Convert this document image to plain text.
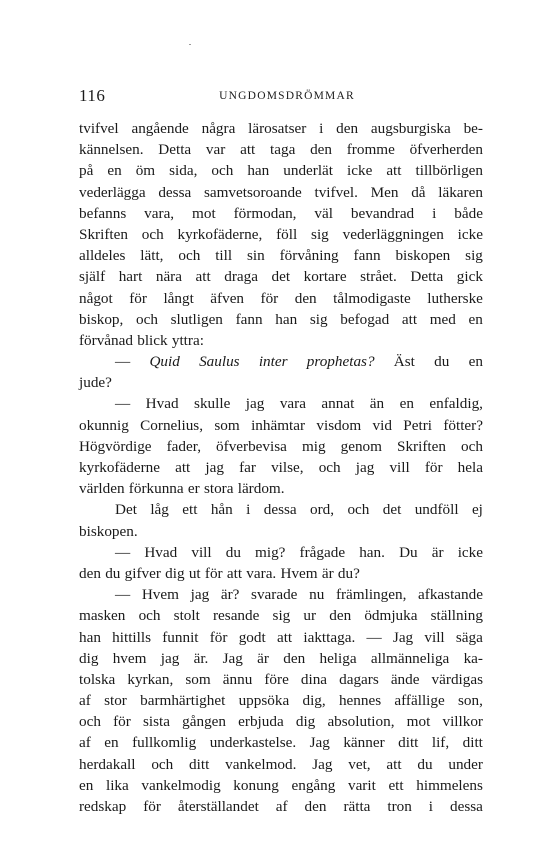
116	UNGDOMSDRÖMMAR
tvifvel angående några lärosatser i den augsburgiska be-
kännelsen. Detta var att taga den fromme öfverherden
på en öm sida, och han underlät icke att tillbörligen
vederlägga dessa samvetsoroande tvifvel. Men då läkaren
befanns vara, mot förmodan, väl bevandrad i både
Skriften och kyrkofäderne, föll sig vederläggningen icke
alldeles lätt, och till sin förvåning fann biskopen sig
själf hart nära att draga det kortare strået. Detta gick
något för långt äfven för den tålmodigaste lutherske
biskop, och slutligen fann han sig befogad att med en
förvånad blick yttra:
— Quid Saulus inter prophetas? Äst du en
jude?
— Hvad skulle jag vara annat än en enfaldig,
okunnig Cornelius, som inhämtar visdom vid Petri fötter?
Högvördige fader, öfverbevisa mig genom Skriften och
kyrkofäderne att jag far vilse, och jag vill för hela
världen förkunna er stora lärdom.
Det låg ett hån i dessa ord, och det undföll ej
biskopen.
— Hvad vill du mig? frågade han. Du är icke
den du gifver dig ut för att vara. Hvem är du?
— Hvem jag är? svarade nu främlingen, afkastande
masken och stolt resande sig ur den ödmjuka ställning
han hittills funnit för godt att iakttaga. — Jag vill säga
dig hvem jag är. Jag är den heliga allmänneliga ka-
tolska kyrkan, som ännu före dina dagars ände värdigas
af stor barmhärtighet uppsöka dig, hennes affällige son,
och för sista gången erbjuda dig absolution, mot villkor
af en fullkomlig underkastelse. Jag känner ditt lif, ditt
herdakall och ditt vankelmod. Jag vet, att du under
en lika vankelmodig konung engång varit ett himmelens
redskap för återställandet af den rätta tron i dessa
